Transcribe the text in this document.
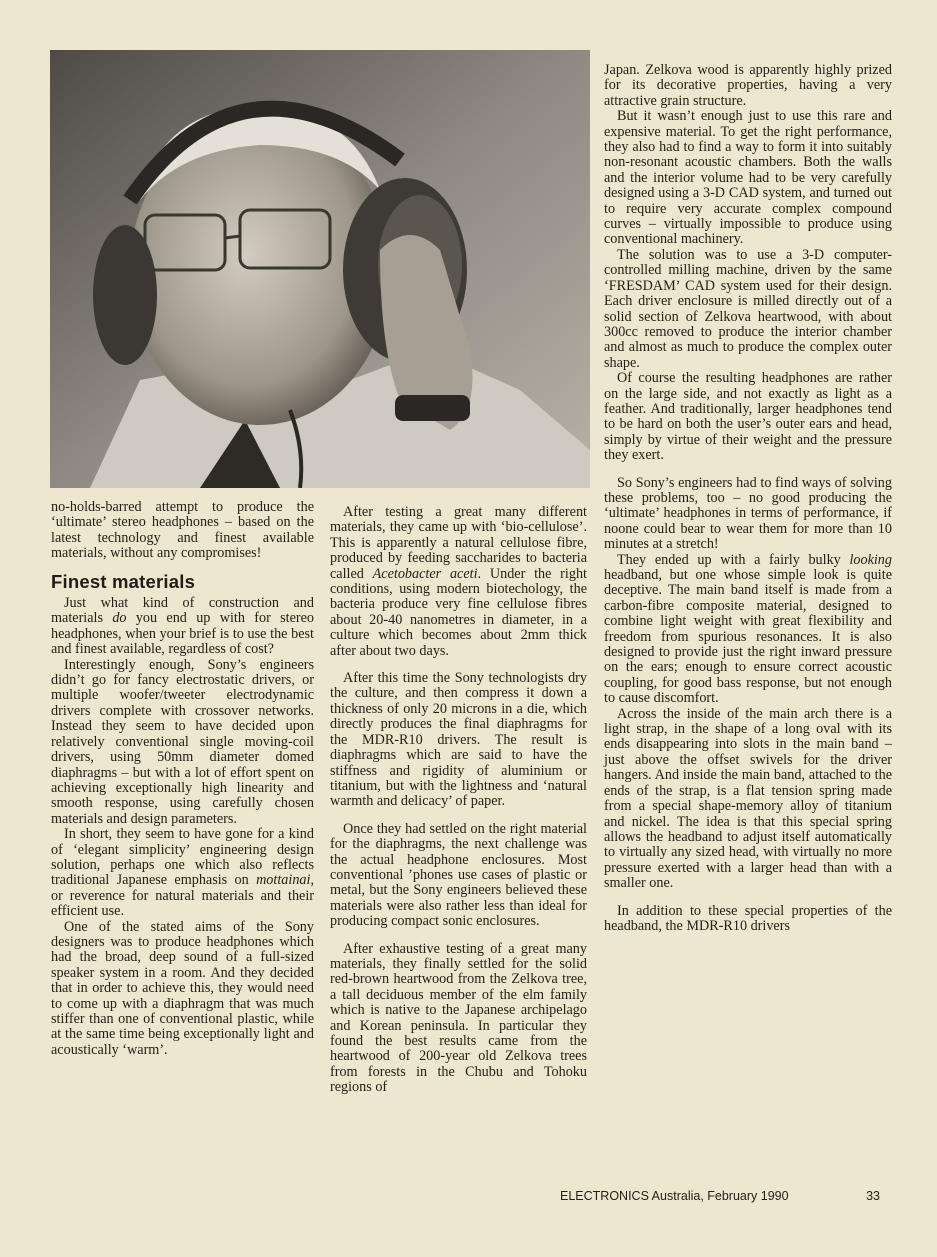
no-holds-barred attempt to produce the ‘ultimate’ stereo headphones – based on the latest technology and finest available materials, without any compromises!

Finest materials

Just what kind of construction and materials do you end up with for stereo headphones, when your brief is to use the best and finest available, regardless of cost?

Interestingly enough, Sony’s engineers didn’t go for fancy electrostatic drivers, or multiple woofer/tweeter electrodynamic drivers complete with crossover networks. Instead they seem to have decided upon relatively conventional single moving-coil drivers, using 50mm diameter domed diaphragms – but with a lot of effort spent on achieving exceptionally high linearity and smooth response, using carefully chosen materials and design parameters.

In short, they seem to have gone for a kind of ‘elegant simplicity’ engineering design solution, perhaps one which also reflects traditional Japanese emphasis on mottainai, or reverence for natural materials and their efficient use.

One of the stated aims of the Sony designers was to produce headphones which had the broad, deep sound of a full-sized speaker system in a room. And they decided that in order to achieve this, they would need to come up with a diaphragm that was much stiffer than one of conventional plastic, while at the same time being exceptionally light and acoustically ‘warm’.

After testing a great many different materials, they came up with ‘bio-cellulose’. This is apparently a natural cellulose fibre, produced by feeding saccharides to bacteria called Acetobacter aceti. Under the right conditions, using modern biotechology, the bacteria produce very fine cellulose fibres about 20-40 nanometres in diameter, in a culture which becomes about 2mm thick after about two days.

After this time the Sony technologists dry the culture, and then compress it down a thickness of only 20 microns in a die, which directly produces the final diaphragms for the MDR-R10 drivers. The result is diaphragms which are said to have the stiffness and rigidity of aluminium or titanium, but with the lightness and ‘natural warmth and delicacy’ of paper.

Once they had settled on the right material for the diaphragms, the next challenge was the actual headphone enclosures. Most conventional ’phones use cases of plastic or metal, but the Sony engineers believed these materials were also rather less than ideal for producing compact sonic enclosures.

After exhaustive testing of a great many materials, they finally settled for the solid red-brown heartwood from the Zelkova tree, a tall deciduous member of the elm family which is native to the Japanese archipelago and Korean peninsula. In particular they found the best results came from the heartwood of 200-year old Zelkova trees from forests in the Chubu and Tohoku regions of

Japan. Zelkova wood is apparently highly prized for its decorative properties, having a very attractive grain structure.

But it wasn’t enough just to use this rare and expensive material. To get the right performance, they also had to find a way to form it into suitably non-resonant acoustic chambers. Both the walls and the interior volume had to be very carefully designed using a 3-D CAD system, and turned out to require very accurate complex compound curves – virtually impossible to produce using conventional machinery.

The solution was to use a 3-D computer-controlled milling machine, driven by the same ‘FRESDAM’ CAD system used for their design. Each driver enclosure is milled directly out of a solid section of Zelkova heartwood, with about 300cc removed to produce the interior chamber and almost as much to produce the complex outer shape.

Of course the resulting headphones are rather on the large side, and not exactly as light as a feather. And traditionally, larger headphones tend to be hard on both the user’s outer ears and head, simply by virtue of their weight and the pressure they exert.

So Sony’s engineers had to find ways of solving these problems, too – no good producing the ‘ultimate’ headphones in terms of performance, if noone could bear to wear them for more than 10 minutes at a stretch!

They ended up with a fairly bulky looking headband, but one whose simple look is quite deceptive. The main band itself is made from a carbon-fibre composite material, designed to combine light weight with great flexibility and freedom from spurious resonances. It is also designed to provide just the right inward pressure on the ears; enough to ensure correct acoustic coupling, for good bass response, but not enough to cause discomfort.

Across the inside of the main arch there is a light strap, in the shape of a long oval with its ends disappearing into slots in the main band – just above the offset swivels for the driver hangers. And inside the main band, attached to the ends of the strap, is a flat tension spring made from a special shape-memory alloy of titanium and nickel. The idea is that this special spring allows the headband to adjust itself automatically to virtually any sized head, with virtually no more pressure exerted with a larger head than with a smaller one.

In addition to these special properties of the headband, the MDR-R10 drivers

ELECTRONICS Australia, February 1990	33
